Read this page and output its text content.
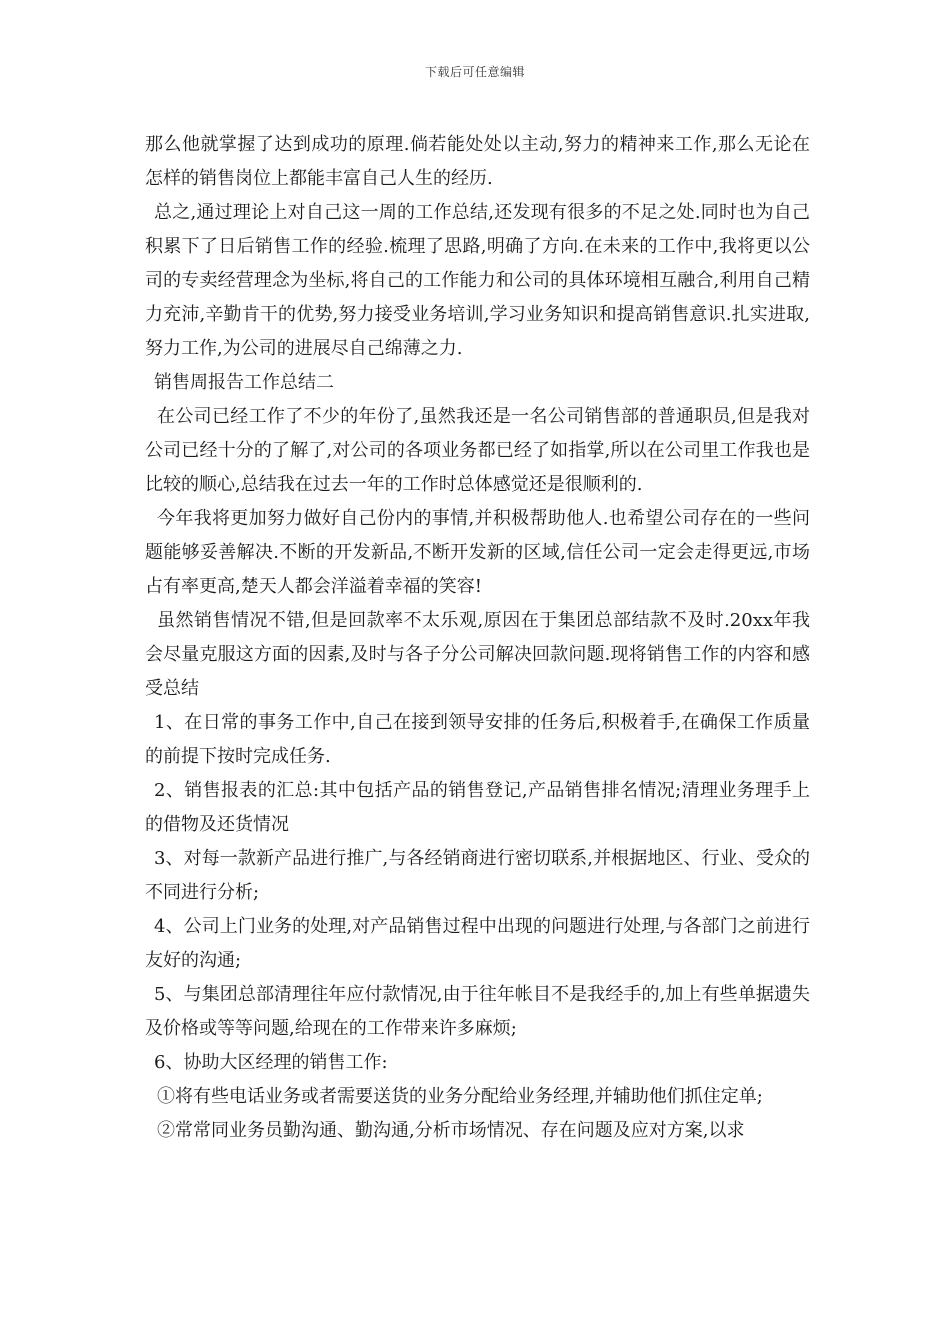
下载后可任意编辑

那么他就掌握了达到成功的原理.倘若能处处以主动,努力的精神来工作,那么无论在怎样的销售岗位上都能丰富自己人生的经历.

总之,通过理论上对自己这一周的工作总结,还发现有很多的不足之处.同时也为自己积累下了日后销售工作的经验.梳理了思路,明确了方向.在未来的工作中,我将更以公司的专卖经营理念为坐标,将自己的工作能力和公司的具体环境相互融合,利用自己精力充沛,辛勤肯干的优势,努力接受业务培训,学习业务知识和提高销售意识.扎实进取,努力工作,为公司的进展尽自己绵薄之力.

销售周报告工作总结二

在公司已经工作了不少的年份了,虽然我还是一名公司销售部的普通职员,但是我对公司已经十分的了解了,对公司的各项业务都已经了如指掌,所以在公司里工作我也是比较的顺心,总结我在过去一年的工作时总体感觉还是很顺利的.

今年我将更加努力做好自己份内的事情,并积极帮助他人.也希望公司存在的一些问题能够妥善解决.不断的开发新品,不断开发新的区域,信任公司一定会走得更远,市场占有率更高,楚天人都会洋溢着幸福的笑容!

虽然销售情况不错,但是回款率不太乐观,原因在于集团总部结款不及时.20xx年我会尽量克服这方面的因素,及时与各子分公司解决回款问题.现将销售工作的内容和感受总结

1、在日常的事务工作中,自己在接到领导安排的任务后,积极着手,在确保工作质量的前提下按时完成任务.

2、销售报表的汇总:其中包括产品的销售登记,产品销售排名情况;清理业务理手上的借物及还货情况

3、对每一款新产品进行推广,与各经销商进行密切联系,并根据地区、行业、受众的不同进行分析;

4、公司上门业务的处理,对产品销售过程中出现的问题进行处理,与各部门之前进行友好的沟通;

5、与集团总部清理往年应付款情况,由于往年帐目不是我经手的,加上有些单据遗失及价格或等等问题,给现在的工作带来许多麻烦;

6、协助大区经理的销售工作:

①将有些电话业务或者需要送货的业务分配给业务经理,并辅助他们抓住定单;

②常常同业务员勤沟通、勤沟通,分析市场情况、存在问题及应对方案,以求
